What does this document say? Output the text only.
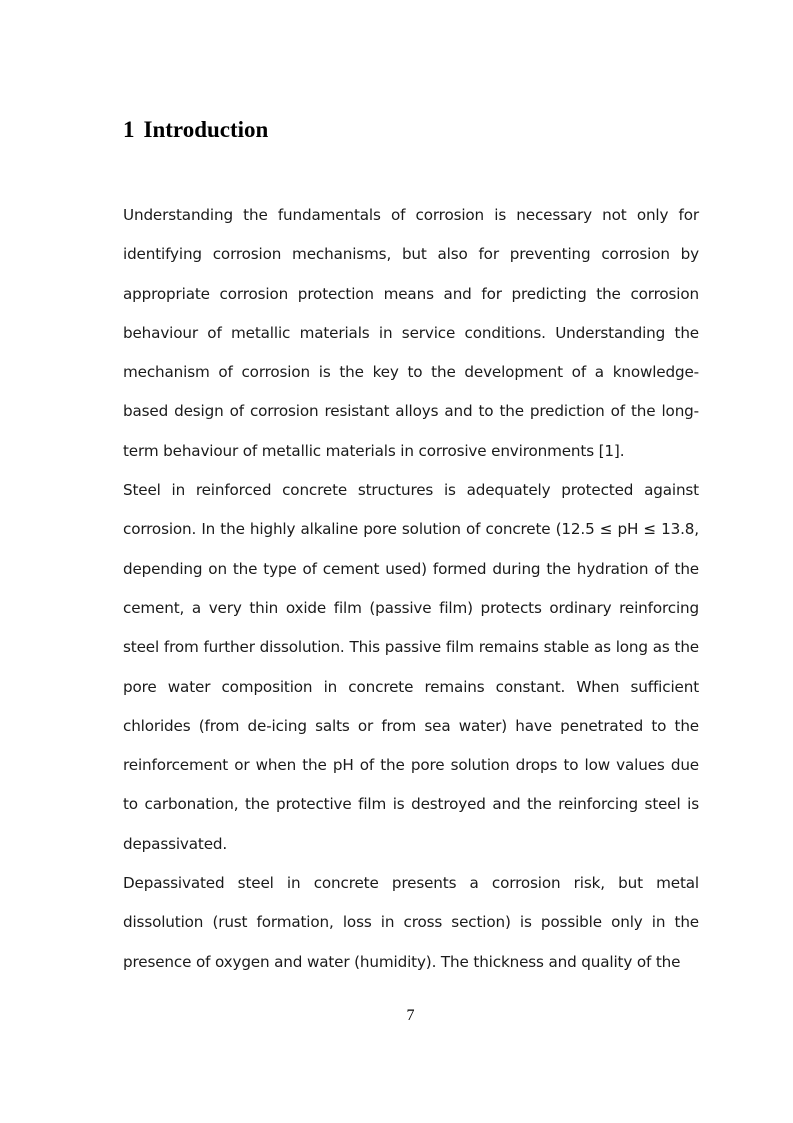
1 Introduction

Understanding the fundamentals of corrosion is necessary not only for identifying corrosion mechanisms, but also for preventing corrosion by appropriate corrosion protection means and for predicting the corrosion behaviour of metallic materials in service conditions. Understanding the mechanism of corrosion is the key to the development of a knowledge-based design of corrosion resistant alloys and to the prediction of the long-term behaviour of metallic materials in corrosive environments [1].

Steel in reinforced concrete structures is adequately protected against corrosion. In the highly alkaline pore solution of concrete (12.5 ≤ pH ≤ 13.8, depending on the type of cement used) formed during the hydration of the cement, a very thin oxide film (passive film) protects ordinary reinforcing steel from further dissolution. This passive film remains stable as long as the pore water composition in concrete remains constant. When sufficient chlorides (from de-icing salts or from sea water) have penetrated to the reinforcement or when the pH of the pore solution drops to low values due to carbonation, the protective film is destroyed and the reinforcing steel is depassivated.

Depassivated steel in concrete presents a corrosion risk, but metal dissolution (rust formation, loss in cross section) is possible only in the presence of oxygen and water (humidity). The thickness and quality of the

7
